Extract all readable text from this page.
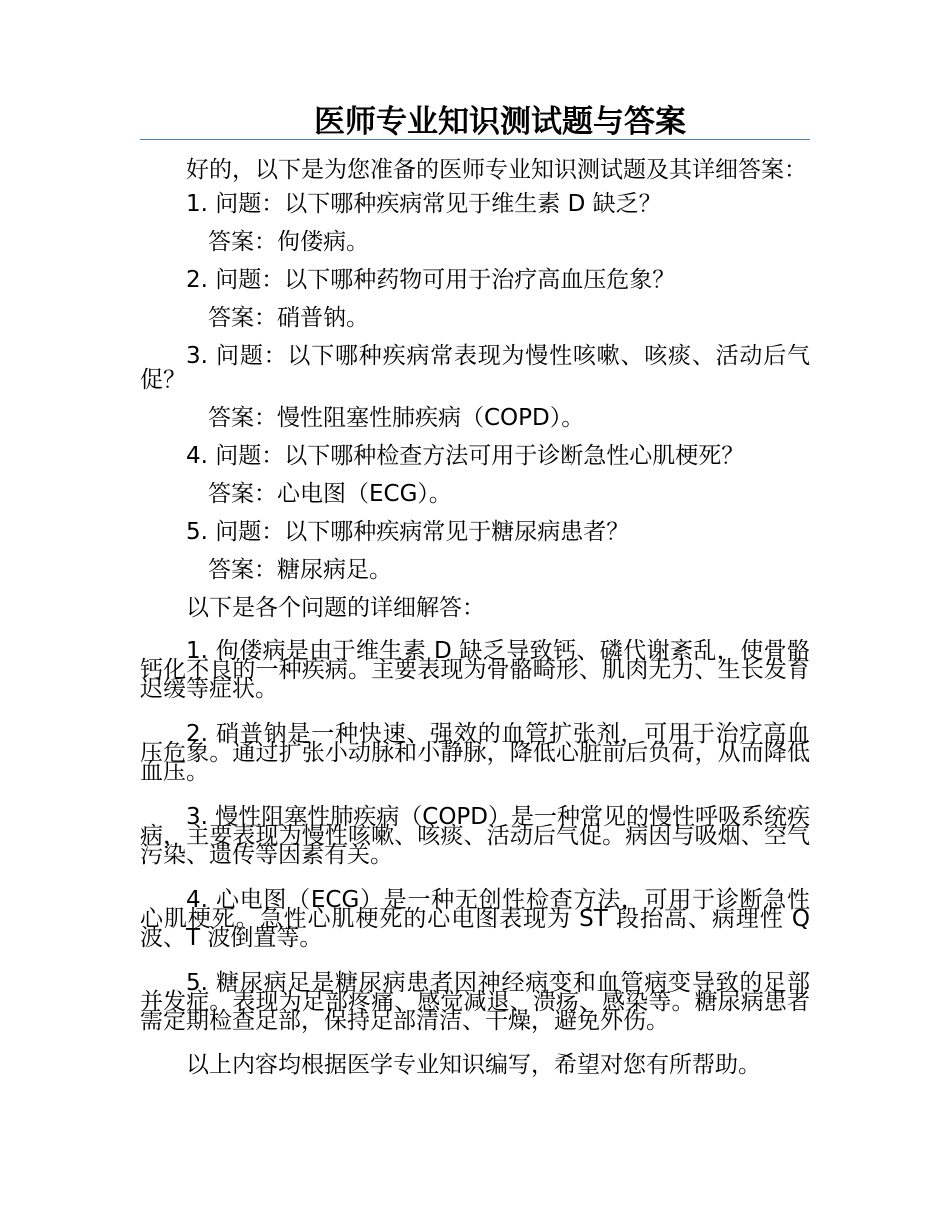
医师专业知识测试题与答案

好的，以下是为您准备的医师专业知识测试题及其详细答案：

1. 问题：以下哪种疾病常见于维生素 D 缺乏？

答案：佝偻病。

2. 问题：以下哪种药物可用于治疗高血压危象？

答案：硝普钠。

3. 问题：以下哪种疾病常表现为慢性咳嗽、咳痰、活动后气促？

答案：慢性阻塞性肺疾病（COPD）。

4. 问题：以下哪种检查方法可用于诊断急性心肌梗死？

答案：心电图（ECG）。

5. 问题：以下哪种疾病常见于糖尿病患者？

答案：糖尿病足。

以下是各个问题的详细解答：

1. 佝偻病是由于维生素 D 缺乏导致钙、磷代谢紊乱，使骨骼钙化不良的一种疾病。主要表现为骨骼畸形、肌肉无力、生长发育迟缓等症状。

2. 硝普钠是一种快速、强效的血管扩张剂，可用于治疗高血压危象。通过扩张小动脉和小静脉，降低心脏前后负荷，从而降低血压。

3. 慢性阻塞性肺疾病（COPD）是一种常见的慢性呼吸系统疾病，主要表现为慢性咳嗽、咳痰、活动后气促。病因与吸烟、空气污染、遗传等因素有关。

4. 心电图（ECG）是一种无创性检查方法，可用于诊断急性心肌梗死。急性心肌梗死的心电图表现为 ST 段抬高、病理性 Q 波、T 波倒置等。

5. 糖尿病足是糖尿病患者因神经病变和血管病变导致的足部并发症。表现为足部疼痛、感觉减退、溃疡、感染等。糖尿病患者需定期检查足部，保持足部清洁、干燥，避免外伤。

以上内容均根据医学专业知识编写，希望对您有所帮助。
